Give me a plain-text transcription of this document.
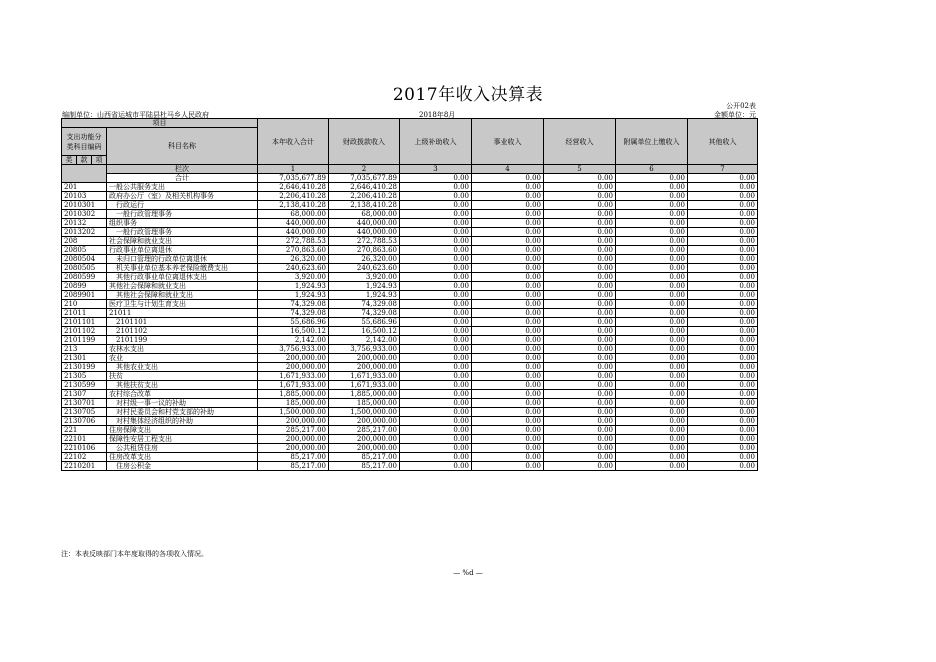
2017年收入决算表
公开02表
金额单位：元
编制单位：山西省运城市平陆县杜马乡人民政府	2018年8月
项目				本年收入合计	财政拨款收入	上级补助收入	事业收入	经营收入	附属单位上缴收入	其他收入
支出功能分类科目编码			科目名称							
类	款	项								
			栏次	1	2	3	4	5	6	7
			合计	7,035,677.89	7,035,677.89	0.00	0.00	0.00	0.00	0.00
201			一般公共服务支出	2,646,410.28	2,646,410.28	0.00	0.00	0.00	0.00	0.00
20103			政府办公厅（室）及相关机构事务	2,206,410.28	2,206,410.28	0.00	0.00	0.00	0.00	0.00
2010301			行政运行	2,138,410.28	2,138,410.28	0.00	0.00	0.00	0.00	0.00
2010302			一般行政管理事务	68,000.00	68,000.00	0.00	0.00	0.00	0.00	0.00
20132			组织事务	440,000.00	440,000.00	0.00	0.00	0.00	0.00	0.00
2013202			一般行政管理事务	440,000.00	440,000.00	0.00	0.00	0.00	0.00	0.00
208			社会保障和就业支出	272,788.53	272,788.53	0.00	0.00	0.00	0.00	0.00
20805			行政事业单位离退休	270,863.60	270,863.60	0.00	0.00	0.00	0.00	0.00
2080504			未归口管理的行政单位离退休	26,320.00	26,320.00	0.00	0.00	0.00	0.00	0.00
2080505			机关事业单位基本养老保险缴费支出	240,623.60	240,623.60	0.00	0.00	0.00	0.00	0.00
2080599			其他行政事业单位离退休支出	3,920.00	3,920.00	0.00	0.00	0.00	0.00	0.00
20899			其他社会保障和就业支出	1,924.93	1,924.93	0.00	0.00	0.00	0.00	0.00
2089901			其他社会保障和就业支出	1,924.93	1,924.93	0.00	0.00	0.00	0.00	0.00
210			医疗卫生与计划生育支出	74,329.08	74,329.08	0.00	0.00	0.00	0.00	0.00
21011			21011	74,329.08	74,329.08	0.00	0.00	0.00	0.00	0.00
2101101			2101101	55,686.96	55,686.96	0.00	0.00	0.00	0.00	0.00
2101102			2101102	16,500.12	16,500.12	0.00	0.00	0.00	0.00	0.00
2101199			2101199	2,142.00	2,142.00	0.00	0.00	0.00	0.00	0.00
213			农林水支出	3,756,933.00	3,756,933.00	0.00	0.00	0.00	0.00	0.00
21301			农业	200,000.00	200,000.00	0.00	0.00	0.00	0.00	0.00
2130199			其他农业支出	200,000.00	200,000.00	0.00	0.00	0.00	0.00	0.00
21305			扶贫	1,671,933.00	1,671,933.00	0.00	0.00	0.00	0.00	0.00
2130599			其他扶贫支出	1,671,933.00	1,671,933.00	0.00	0.00	0.00	0.00	0.00
21307			农村综合改革	1,885,000.00	1,885,000.00	0.00	0.00	0.00	0.00	0.00
2130701			对村级一事一议的补助	185,000.00	185,000.00	0.00	0.00	0.00	0.00	0.00
2130705			对村民委员会和村党支部的补助	1,500,000.00	1,500,000.00	0.00	0.00	0.00	0.00	0.00
2130706			对村集体经济组织的补助	200,000.00	200,000.00	0.00	0.00	0.00	0.00	0.00
221			住房保障支出	285,217.00	285,217.00	0.00	0.00	0.00	0.00	0.00
22101			保障性安居工程支出	200,000.00	200,000.00	0.00	0.00	0.00	0.00	0.00
2210106			公共租赁住房	200,000.00	200,000.00	0.00	0.00	0.00	0.00	0.00
22102			住房改革支出	85,217.00	85,217.00	0.00	0.00	0.00	0.00	0.00
2210201			住房公积金	85,217.00	85,217.00	0.00	0.00	0.00	0.00	0.00
注：本表反映部门本年度取得的各项收入情况。
— %d —
